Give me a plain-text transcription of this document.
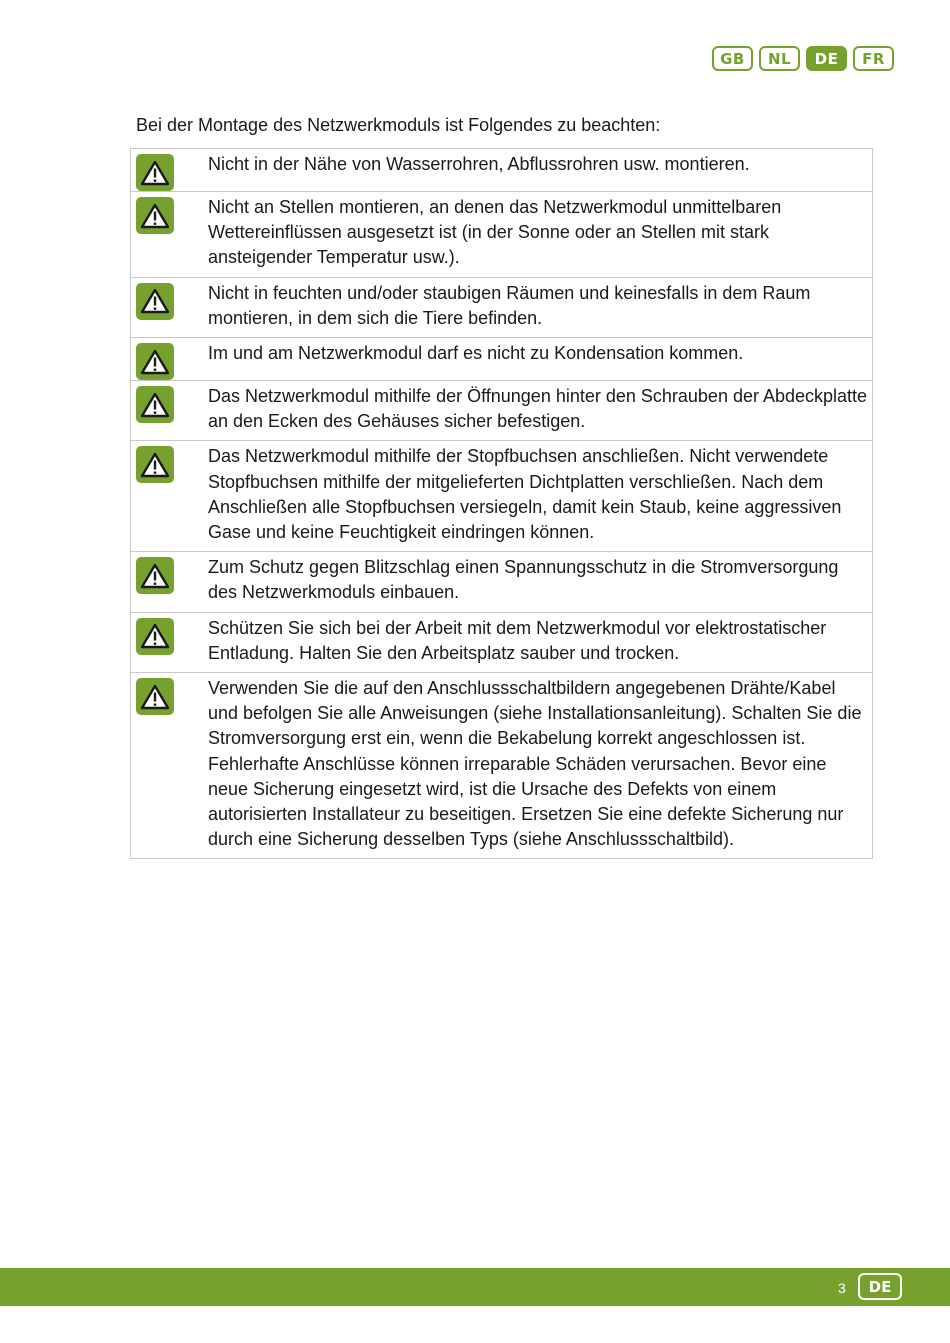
GB	NL	DE	FR
Bei der Montage des Netzwerkmoduls ist Folgendes zu beachten:
Nicht in der Nähe von Wasserrohren, Abflussrohren usw. montieren.
Nicht an Stellen montieren, an denen das Netzwerkmodul unmittelbaren Wettereinflüssen ausgesetzt ist (in der Sonne oder an Stellen mit stark ansteigender Temperatur usw.).
Nicht in feuchten und/oder staubigen Räumen und keinesfalls in dem Raum montieren, in dem sich die Tiere befinden.
Im und am Netzwerkmodul darf es nicht zu Kondensation kommen.
Das Netzwerkmodul mithilfe der Öffnungen hinter den Schrauben der Abdeckplatte an den Ecken des Gehäuses sicher befestigen.
Das Netzwerkmodul mithilfe der Stopfbuchsen anschließen. Nicht verwendete Stopfbuchsen mithilfe der mitgelieferten Dichtplatten verschließen. Nach dem Anschließen alle Stopfbuchsen versiegeln, damit kein Staub, keine aggressiven Gase und keine Feuchtigkeit eindringen können.
Zum Schutz gegen Blitzschlag einen Spannungsschutz in die Stromversorgung des Netzwerkmoduls einbauen.
Schützen Sie sich bei der Arbeit mit dem Netzwerkmodul vor elektrostatischer Entladung. Halten Sie den Arbeitsplatz sauber und trocken.
Verwenden Sie die auf den Anschlussschaltbildern angegebenen Drähte/Kabel und befolgen Sie alle Anweisungen (siehe Installationsanleitung). Schalten Sie die Stromversorgung erst ein, wenn die Bekabelung korrekt angeschlossen ist. Fehlerhafte Anschlüsse können irreparable Schäden verursachen. Bevor eine neue Sicherung eingesetzt wird, ist die Ursache des Defekts von einem autorisierten Installateur zu beseitigen. Ersetzen Sie eine defekte Sicherung nur durch eine Sicherung desselben Typs (siehe Anschlussschaltbild).
3	DE
